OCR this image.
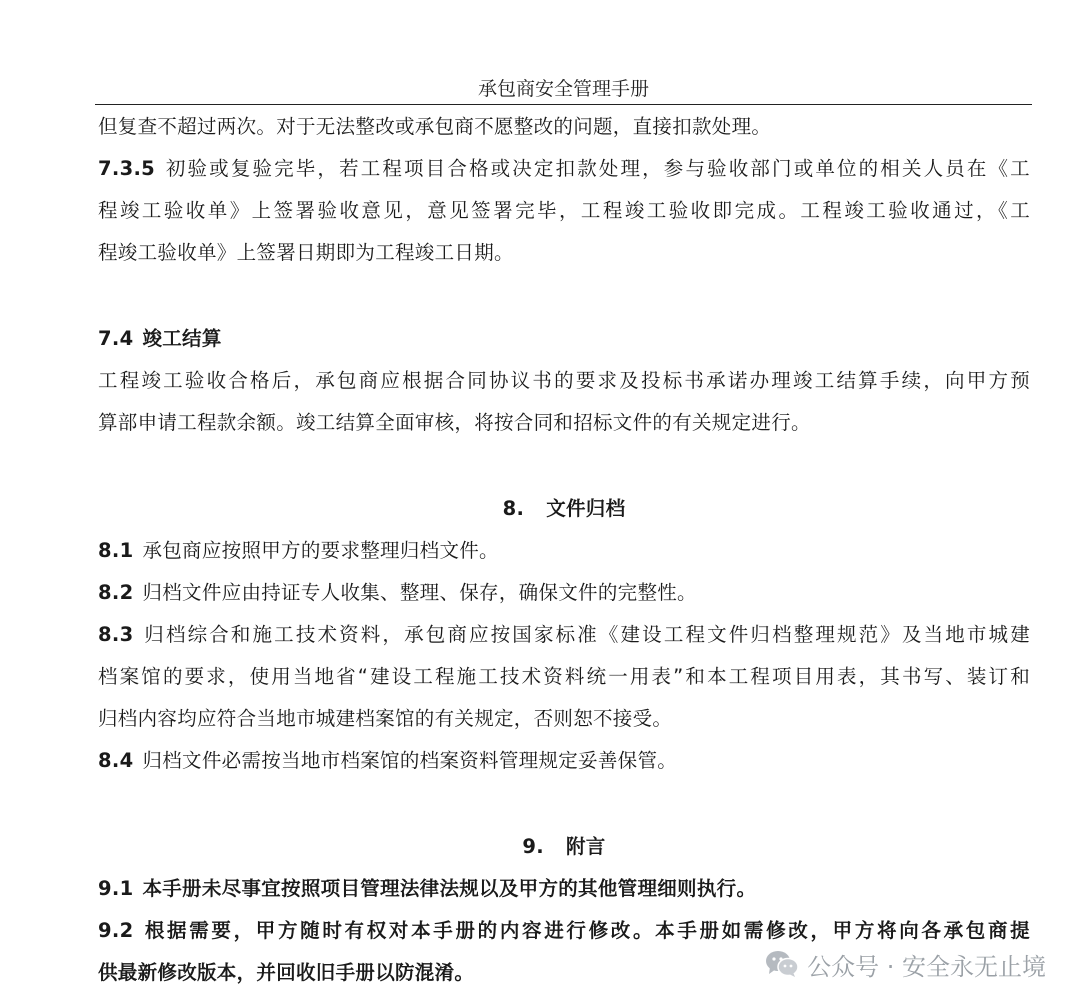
承包商安全管理手册
但复查不超过两次。对于无法整改或承包商不愿整改的问题，直接扣款处理。
7.3.5 初验或复验完毕，若工程项目合格或决定扣款处理，参与验收部门或单位的相关人员在《工
程竣工验收单》上签署验收意见，意见签署完毕，工程竣工验收即完成。工程竣工验收通过，《工
程竣工验收单》上签署日期即为工程竣工日期。
7.4 竣工结算
工程竣工验收合格后，承包商应根据合同协议书的要求及投标书承诺办理竣工结算手续，向甲方预
算部申请工程款余额。竣工结算全面审核，将按合同和招标文件的有关规定进行。
8. 文件归档
8.1 承包商应按照甲方的要求整理归档文件。
8.2 归档文件应由持证专人收集、整理、保存，确保文件的完整性。
8.3 归档综合和施工技术资料，承包商应按国家标准《建设工程文件归档整理规范》及当地市城建
档案馆的要求，使用当地省“建设工程施工技术资料统一用表”和本工程项目用表，其书写、装订和
归档内容均应符合当地市城建档案馆的有关规定，否则恕不接受。
8.4 归档文件必需按当地市档案馆的档案资料管理规定妥善保管。
9. 附言
9.1 本手册未尽事宜按照项目管理法律法规以及甲方的其他管理细则执行。
9.2 根据需要，甲方随时有权对本手册的内容进行修改。本手册如需修改，甲方将向各承包商提
供最新修改版本，并回收旧手册以防混淆。	公众号 · 安全永无止境
